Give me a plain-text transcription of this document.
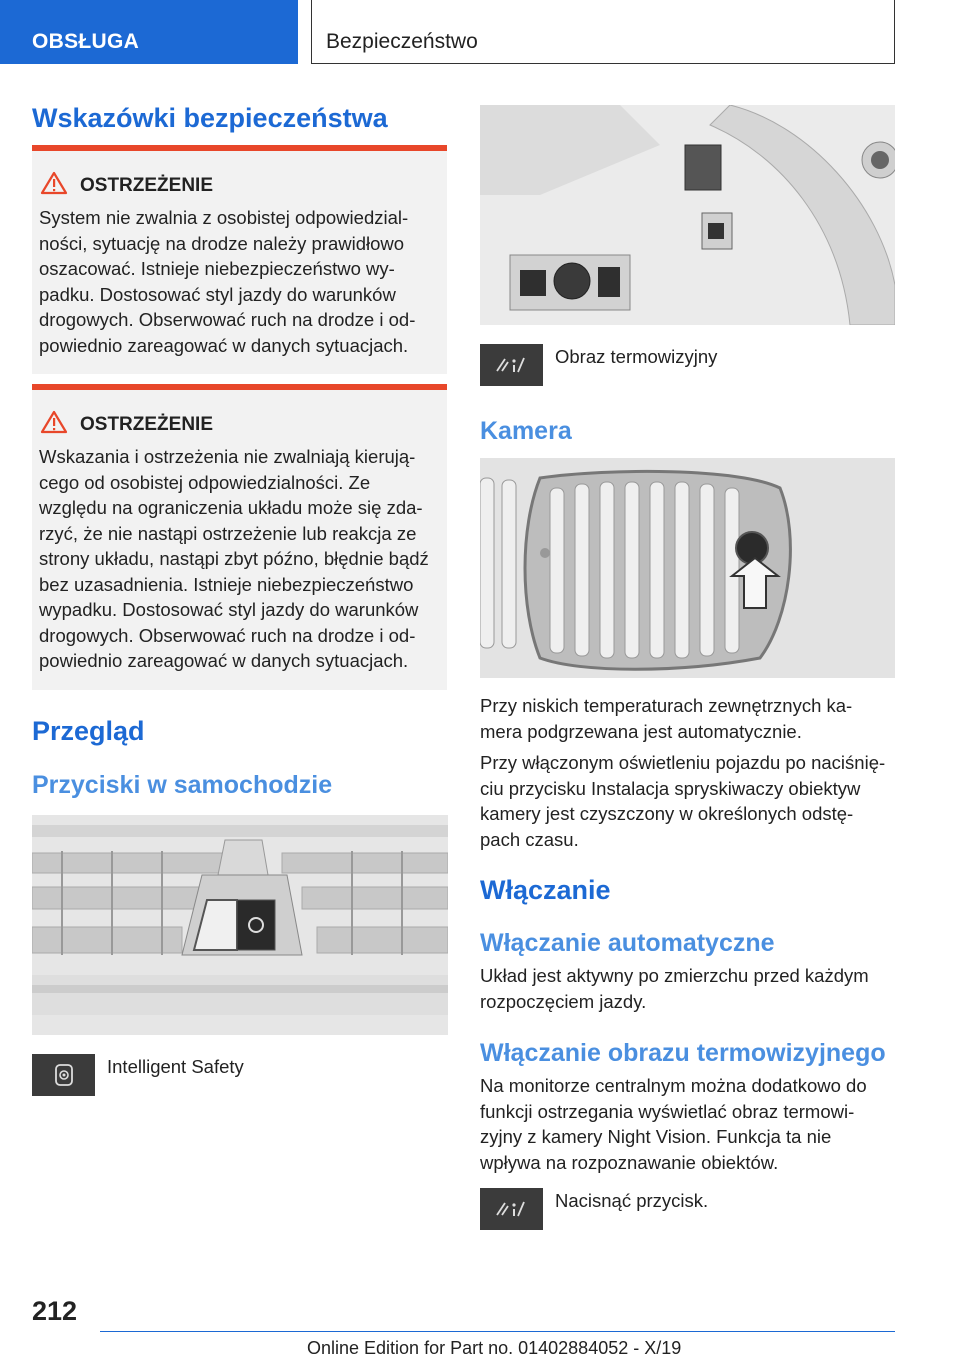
OBSŁUGA	Bezpieczeństwo
Wskazówki bezpieczeństwa
OSTRZEŻENIE
System nie zwalnia z osobistej odpowiedzial-
ności, sytuację na drodze należy prawidłowo
oszacować. Istnieje niebezpieczeństwo wy-
padku. Dostosować styl jazdy do warunków
drogowych. Obserwować ruch na drodze i od-
powiednio zareagować w danych sytuacjach.
OSTRZEŻENIE
Wskazania i ostrzeżenia nie zwalniają kierują-
cego od osobistej odpowiedzialności. Ze
względu na ograniczenia układu może się zda-
rzyć, że nie nastąpi ostrzeżenie lub reakcja ze
strony układu, nastąpi zbyt późno, błędnie bądź
bez uzasadnienia. Istnieje niebezpieczeństwo
wypadku. Dostosować styl jazdy do warunków
drogowych. Obserwować ruch na drodze i od-
powiednio zareagować w danych sytuacjach.
Przegląd
Przyciski w samochodzie
Intelligent Safety
Obraz termowizyjny
Kamera
Przy niskich temperaturach zewnętrznych ka-
mera podgrzewana jest automatycznie.
Przy włączonym oświetleniu pojazdu po naciśnię-
ciu przycisku Instalacja spryskiwaczy obiektyw
kamery jest czyszczony w określonych odstę-
pach czasu.
Włączanie
Włączanie automatyczne
Układ jest aktywny po zmierzchu przed każdym
rozpoczęciem jazdy.
Włączanie obrazu termowizyjnego
Na monitorze centralnym można dodatkowo do
funkcji ostrzegania wyświetlać obraz termowi-
zyjny z kamery Night Vision. Funkcja ta nie
wpływa na rozpoznawanie obiektów.
Nacisnąć przycisk.
212
Online Edition for Part no. 01402884052 - X/19
